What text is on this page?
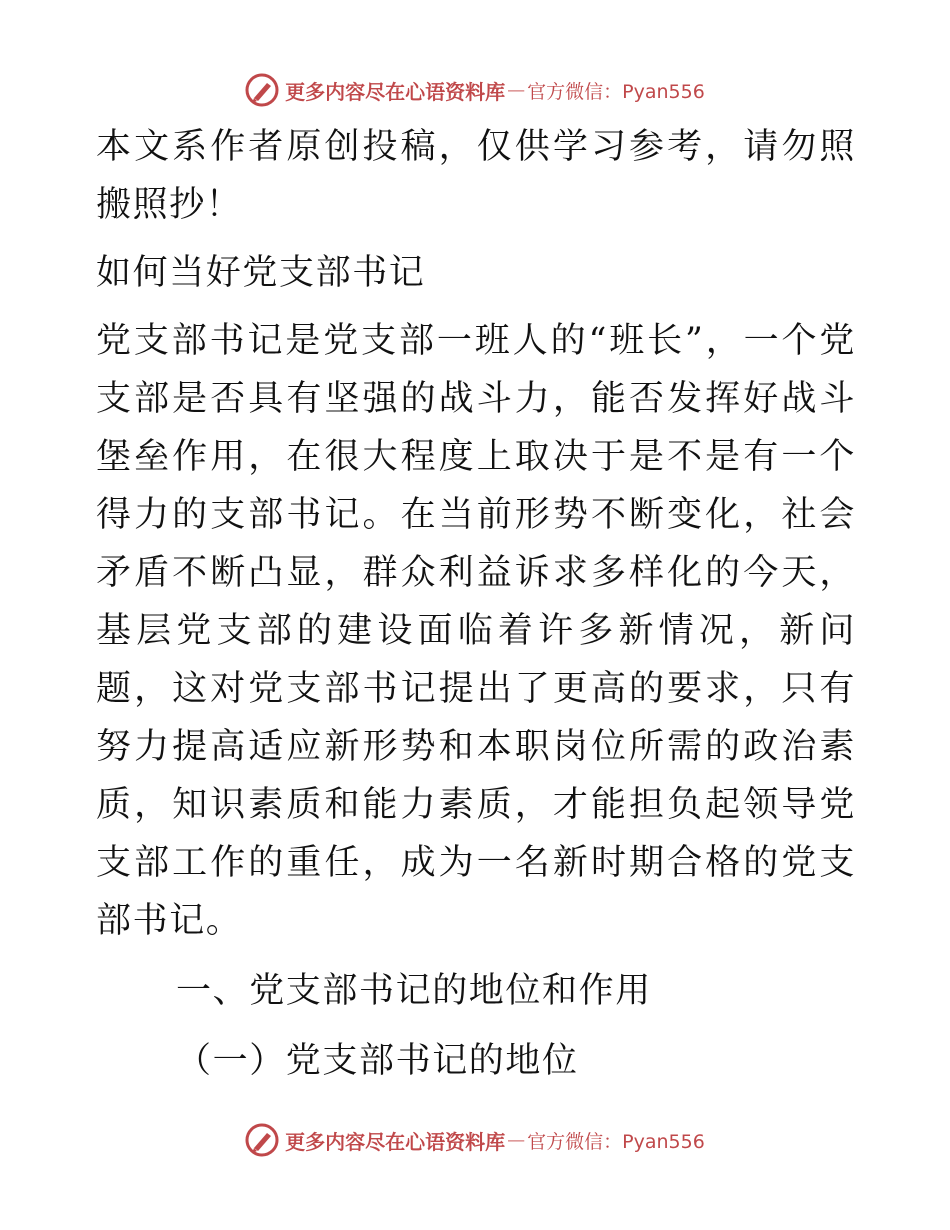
更多内容尽在心语资料库 — 官方微信：Pyan556

本文系作者原创投稿，仅供学习参考，请勿照搬照抄！

如何当好党支部书记

党支部书记是党支部一班人的“班长”，一个党支部是否具有坚强的战斗力，能否发挥好战斗堡垒作用，在很大程度上取决于是不是有一个得力的支部书记。在当前形势不断变化，社会矛盾不断凸显，群众利益诉求多样化的今天，基层党支部的建设面临着许多新情况，新问题，这对党支部书记提出了更高的要求，只有努力提高适应新形势和本职岗位所需的政治素质，知识素质和能力素质，才能担负起领导党支部工作的重任，成为一名新时期合格的党支部书记。

一、党支部书记的地位和作用

（一）党支部书记的地位

更多内容尽在心语资料库 — 官方微信：Pyan556
